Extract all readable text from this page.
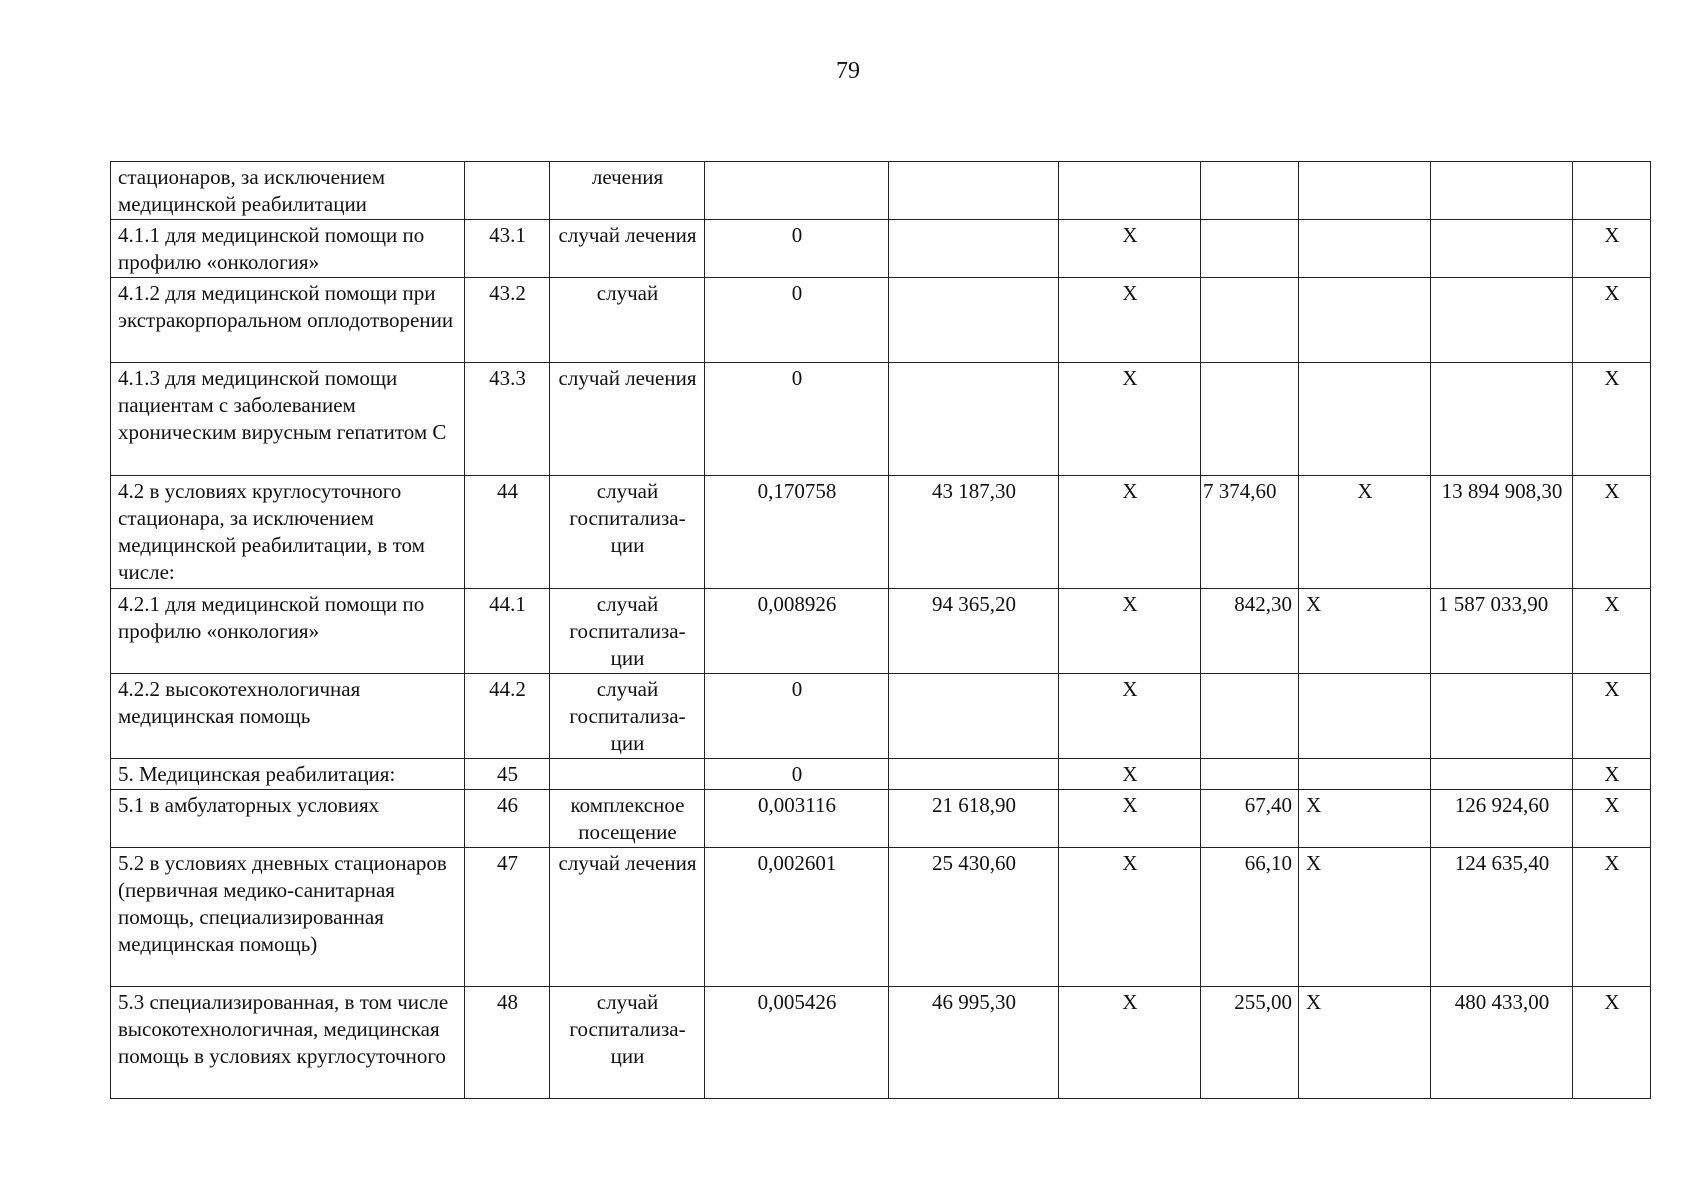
79
стационаров, за исключением медицинской реабилитации		лечения							
4.1.1 для медицинской помощи по профилю «онкология»	43.1	случай лечения	0		X				X
4.1.2 для медицинской помощи при экстракорпоральном оплодотворении	43.2	случай	0		X				X
4.1.3 для медицинской помощи пациентам с заболеванием хроническим вирусным гепатитом С	43.3	случай лечения	0		X				X
4.2 в условиях круглосуточного стационара, за исключением медицинской реабилитации, в том числе:	44	случай госпитализа-ции	0,170758	43 187,30	X	7 374,60	X	13 894 908,30	X
4.2.1 для медицинской помощи по профилю «онкология»	44.1	случай госпитализа-ции	0,008926	94 365,20	X	842,30	X	1 587 033,90	X
4.2.2 высокотехнологичная медицинская помощь	44.2	случай госпитализа-ции	0		X				X
5. Медицинская реабилитация:	45		0		X				X
5.1 в амбулаторных условиях	46	комплексное посещение	0,003116	21 618,90	X	67,40	X	126 924,60	X
5.2 в условиях дневных стационаров (первичная медико-санитарная помощь, специализированная медицинская помощь)	47	случай лечения	0,002601	25 430,60	X	66,10	X	124 635,40	X
5.3 специализированная, в том числе высокотехнологичная, медицинская помощь в условиях круглосуточного	48	случай госпитализа-ции	0,005426	46 995,30	X	255,00	X	480 433,00	X
